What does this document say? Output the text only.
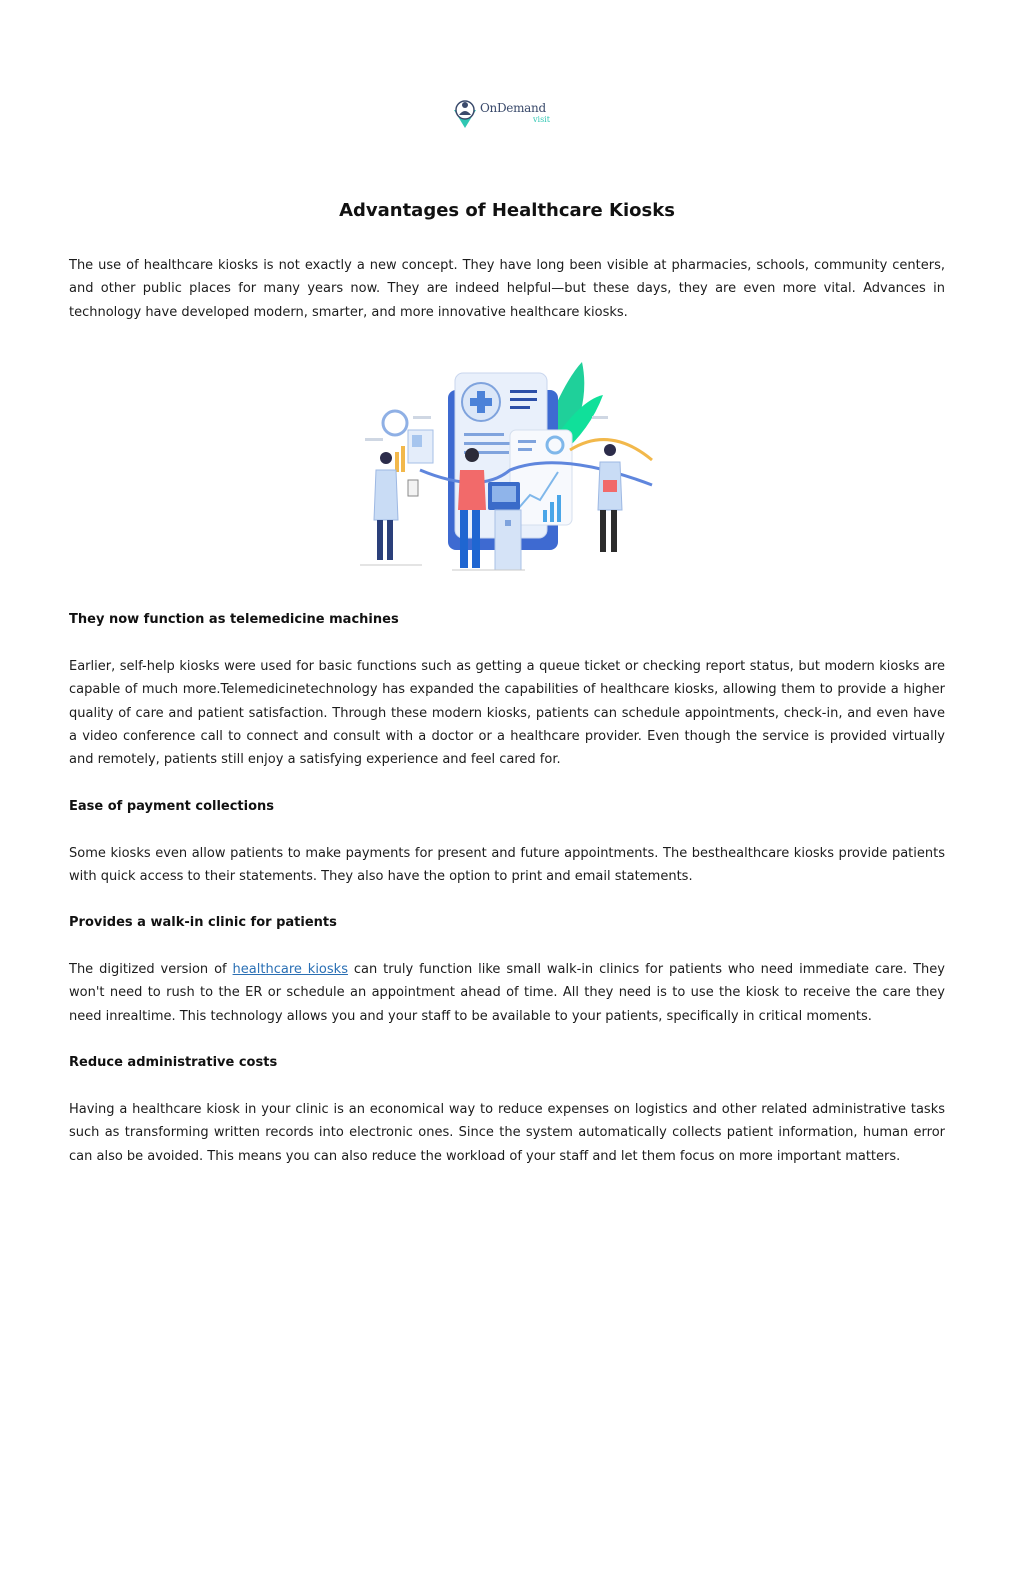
OnDemand
visit
Advantages of Healthcare Kiosks

The use of healthcare kiosks is not exactly a new concept. They have long been visible at pharmacies, schools, community centers, and other public places for many years now. They are indeed helpful—but these days, they are even more vital. Advances in technology have developed modern, smarter, and more innovative healthcare kiosks.

They now function as telemedicine machines

Earlier, self-help kiosks were used for basic functions such as getting a queue ticket or checking report status, but modern kiosks are capable of much more.Telemedicinetechnology has expanded the capabilities of healthcare kiosks, allowing them to provide a higher quality of care and patient satisfaction. Through these modern kiosks, patients can schedule appointments, check-in, and even have a video conference call to connect and consult with a doctor or a healthcare provider. Even though the service is provided virtually and remotely, patients still enjoy a satisfying experience and feel cared for.

Ease of payment collections

Some kiosks even allow patients to make payments for present and future appointments. The besthealthcare kiosks provide patients with quick access to their statements. They also have the option to print and email statements.

Provides a walk-in clinic for patients

The digitized version of healthcare kiosks can truly function like small walk-in clinics for patients who need immediate care. They won't need to rush to the ER or schedule an appointment ahead of time. All they need is to use the kiosk to receive the care they need inrealtime. This technology allows you and your staff to be available to your patients, specifically in critical moments.

Reduce administrative costs

Having a healthcare kiosk in your clinic is an economical way to reduce expenses on logistics and other related administrative tasks such as transforming written records into electronic ones. Since the system automatically collects patient information, human error can also be avoided. This means you can also reduce the workload of your staff and let them focus on more important matters.
